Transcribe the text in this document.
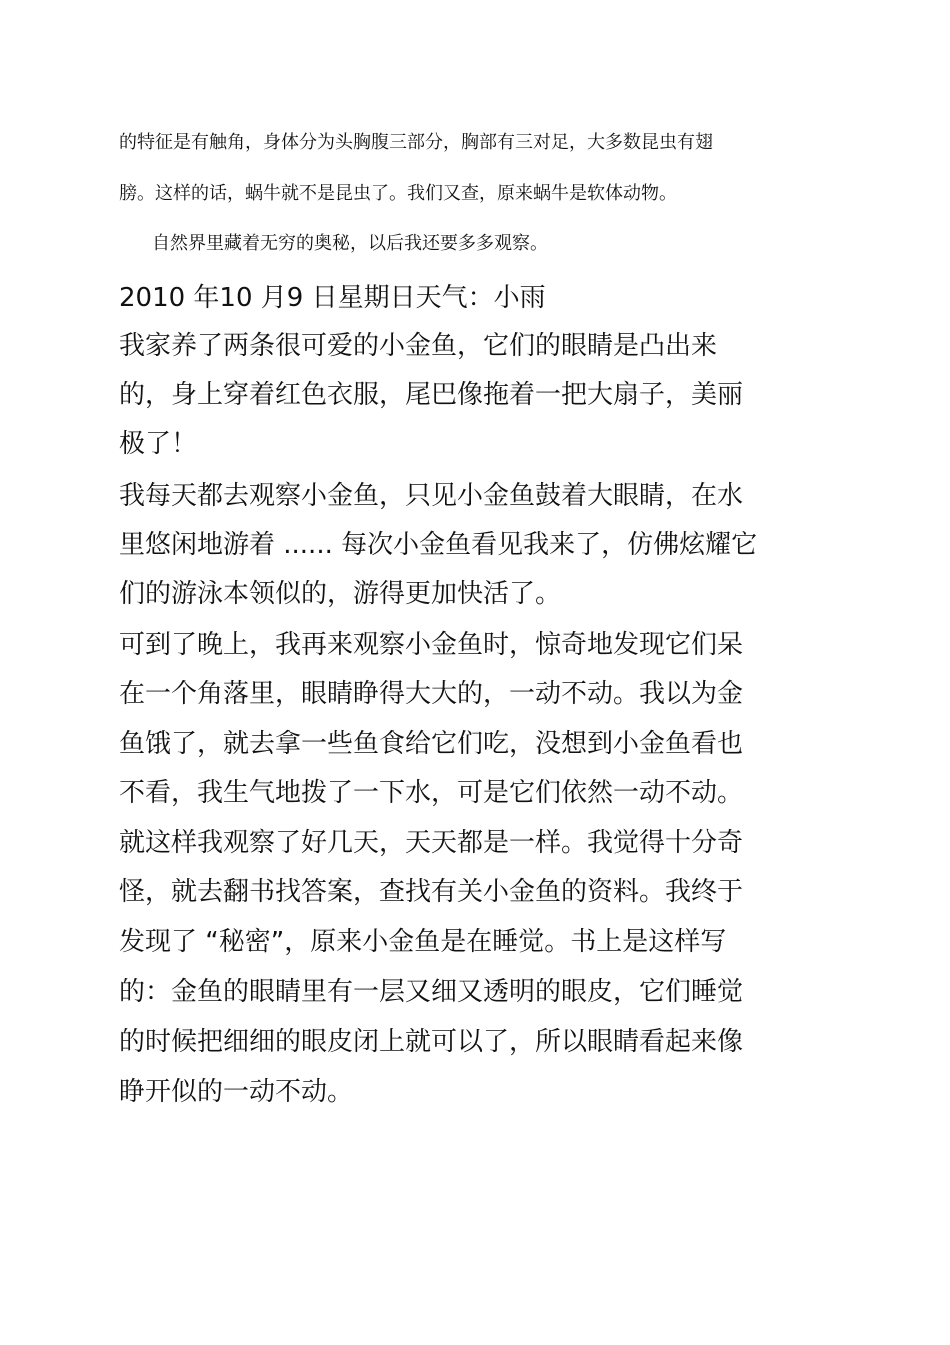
的特征是有触角，身体分为头胸腹三部分，胸部有三对足，大多数昆虫有翅
膀。这样的话，蜗牛就不是昆虫了。我们又查，原来蜗牛是软体动物。
自然界里藏着无穷的奥秘，以后我还要多多观察。
2010 年10 月9 日星期日天气：小雨
我家养了两条很可爱的小金鱼，它们的眼睛是凸出来
的，身上穿着红色衣服，尾巴像拖着一把大扇子，美丽
极了！
我每天都去观察小金鱼，只见小金鱼鼓着大眼睛，在水
里悠闲地游着 ...... 每次小金鱼看见我来了，仿佛炫耀它
们的游泳本领似的，游得更加快活了。
可到了晚上，我再来观察小金鱼时，惊奇地发现它们呆
在一个角落里，眼睛睁得大大的，一动不动。我以为金
鱼饿了，就去拿一些鱼食给它们吃，没想到小金鱼看也
不看，我生气地拨了一下水，可是它们依然一动不动。
就这样我观察了好几天，天天都是一样。我觉得十分奇
怪，就去翻书找答案，查找有关小金鱼的资料。我终于
发现了 “秘密”，原来小金鱼是在睡觉。书上是这样写
的：金鱼的眼睛里有一层又细又透明的眼皮，它们睡觉
的时候把细细的眼皮闭上就可以了，所以眼睛看起来像
睁开似的一动不动。
